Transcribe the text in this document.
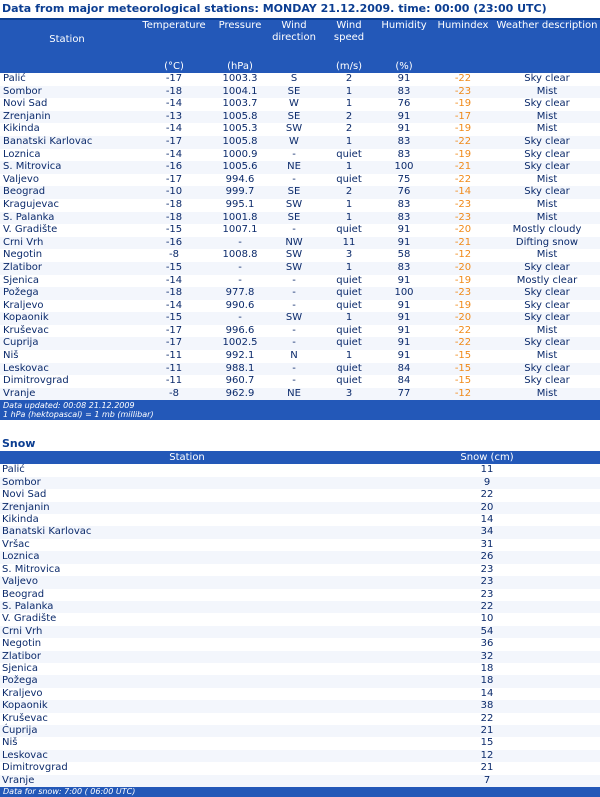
Data from major meteorological stations: MONDAY 21.12.2009. time: 00:00 (23:00 UTC)
Station	Temperature	Pressure	Wind direction	Wind speed	Humidity	Humindex	Weather description
	(°C)	(hPa)		(m/s)	(%)		
Palić	-17	1003.3	S	2	91	-22	Sky clear
Sombor	-18	1004.1	SE	1	83	-23	Mist
Novi Sad	-14	1003.7	W	1	76	-19	Sky clear
Zrenjanin	-13	1005.8	SE	2	91	-17	Mist
Kikinda	-14	1005.3	SW	2	91	-19	Mist
Banatski Karlovac	-17	1005.8	W	1	83	-22	Sky clear
Loznica	-14	1000.9	-	quiet	83	-19	Sky clear
S. Mitrovica	-16	1005.6	NE	1	100	-21	Sky clear
Valjevo	-17	994.6	-	quiet	75	-22	Mist
Beograd	-10	999.7	SE	2	76	-14	Sky clear
Kragujevac	-18	995.1	SW	1	83	-23	Mist
S. Palanka	-18	1001.8	SE	1	83	-23	Mist
V. Gradište	-15	1007.1	-	quiet	91	-20	Mostly cloudy
Crni Vrh	-16	-	NW	11	91	-21	Difting snow
Negotin	-8	1008.8	SW	3	58	-12	Mist
Zlatibor	-15	-	SW	1	83	-20	Sky clear
Sjenica	-14	-	-	quiet	91	-19	Mostly clear
Požega	-18	977.8	-	quiet	100	-23	Sky clear
Kraljevo	-14	990.6	-	quiet	91	-19	Sky clear
Kopaonik	-15	-	SW	1	91	-20	Sky clear
Kruševac	-17	996.6	-	quiet	91	-22	Mist
Ćuprija	-17	1002.5	-	quiet	91	-22	Sky clear
Niš	-11	992.1	N	1	91	-15	Mist
Leskovac	-11	988.1	-	quiet	84	-15	Sky clear
Dimitrovgrad	-11	960.7	-	quiet	84	-15	Sky clear
Vranje	-8	962.9	NE	3	77	-12	Mist
Data updated: 00:08 21.12.2009
1 hPa (hektopascal) = 1 mb (millibar)
Snow
Station	Snow (cm)
Palić	11
Sombor	9
Novi Sad	22
Zrenjanin	20
Kikinda	14
Banatski Karlovac	34
Vršac	31
Loznica	26
S. Mitrovica	23
Valjevo	23
Beograd	23
S. Palanka	22
V. Gradište	10
Crni Vrh	54
Negotin	36
Zlatibor	32
Sjenica	18
Požega	18
Kraljevo	14
Kopaonik	38
Kruševac	22
Ćuprija	21
Niš	15
Leskovac	12
Dimitrovgrad	21
Vranje	7
Data for snow: 7:00 ( 06:00 UTC)
